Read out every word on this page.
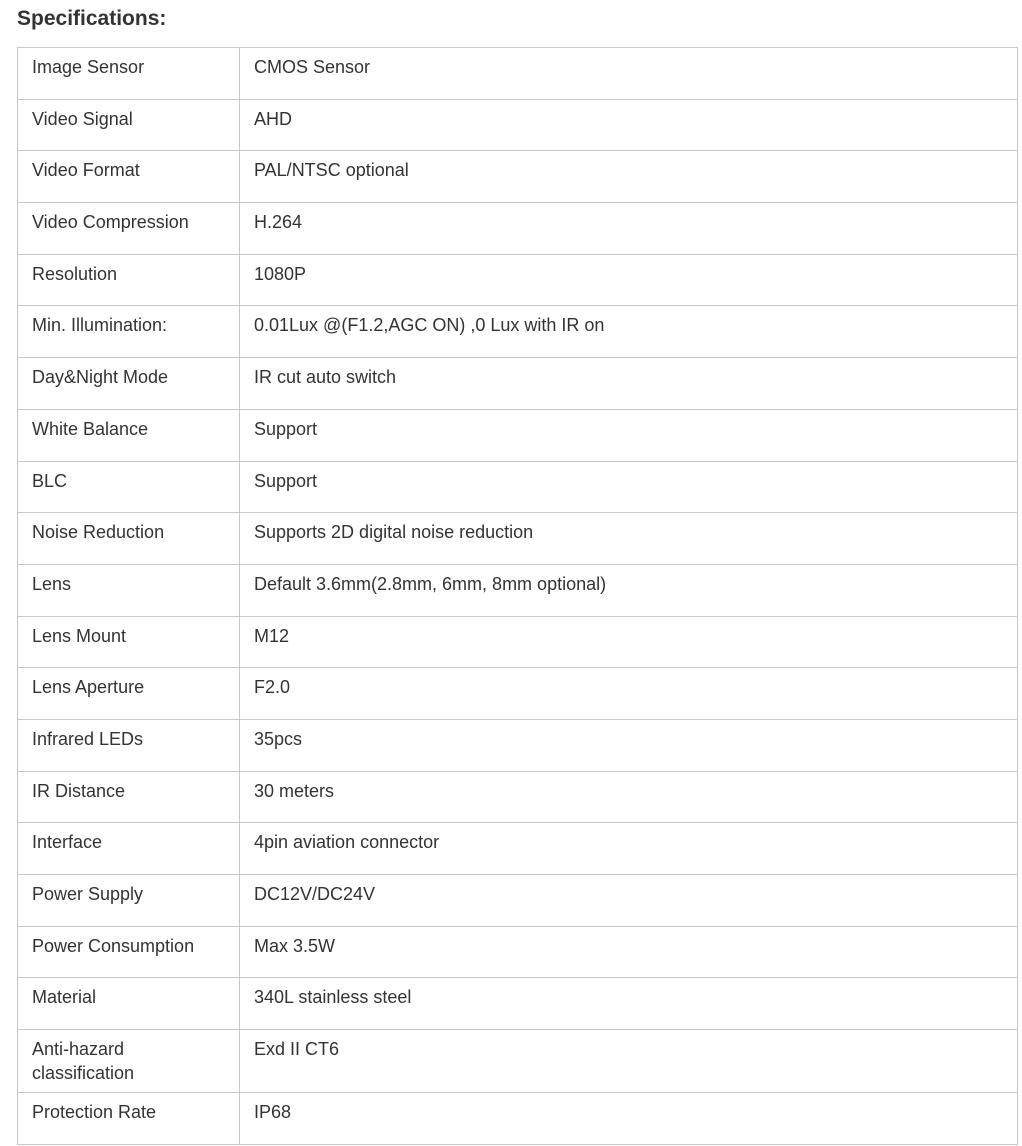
Specifications:
Image Sensor	CMOS Sensor
Video Signal	AHD
Video Format	PAL/NTSC optional
Video Compression	H.264
Resolution	1080P
Min. Illumination:	0.01Lux @(F1.2,AGC ON) ,0 Lux with IR on
Day&Night Mode	IR cut auto switch
White Balance	Support
BLC	Support
Noise Reduction	Supports 2D digital noise reduction
Lens	Default 3.6mm(2.8mm, 6mm, 8mm optional)
Lens Mount	M12
Lens Aperture	F2.0
Infrared LEDs	35pcs
IR Distance	30 meters
Interface	4pin aviation connector
Power Supply	DC12V/DC24V
Power Consumption	Max 3.5W
Material	340L stainless steel
Anti-hazard classification	Exd II CT6
Protection Rate	IP68
